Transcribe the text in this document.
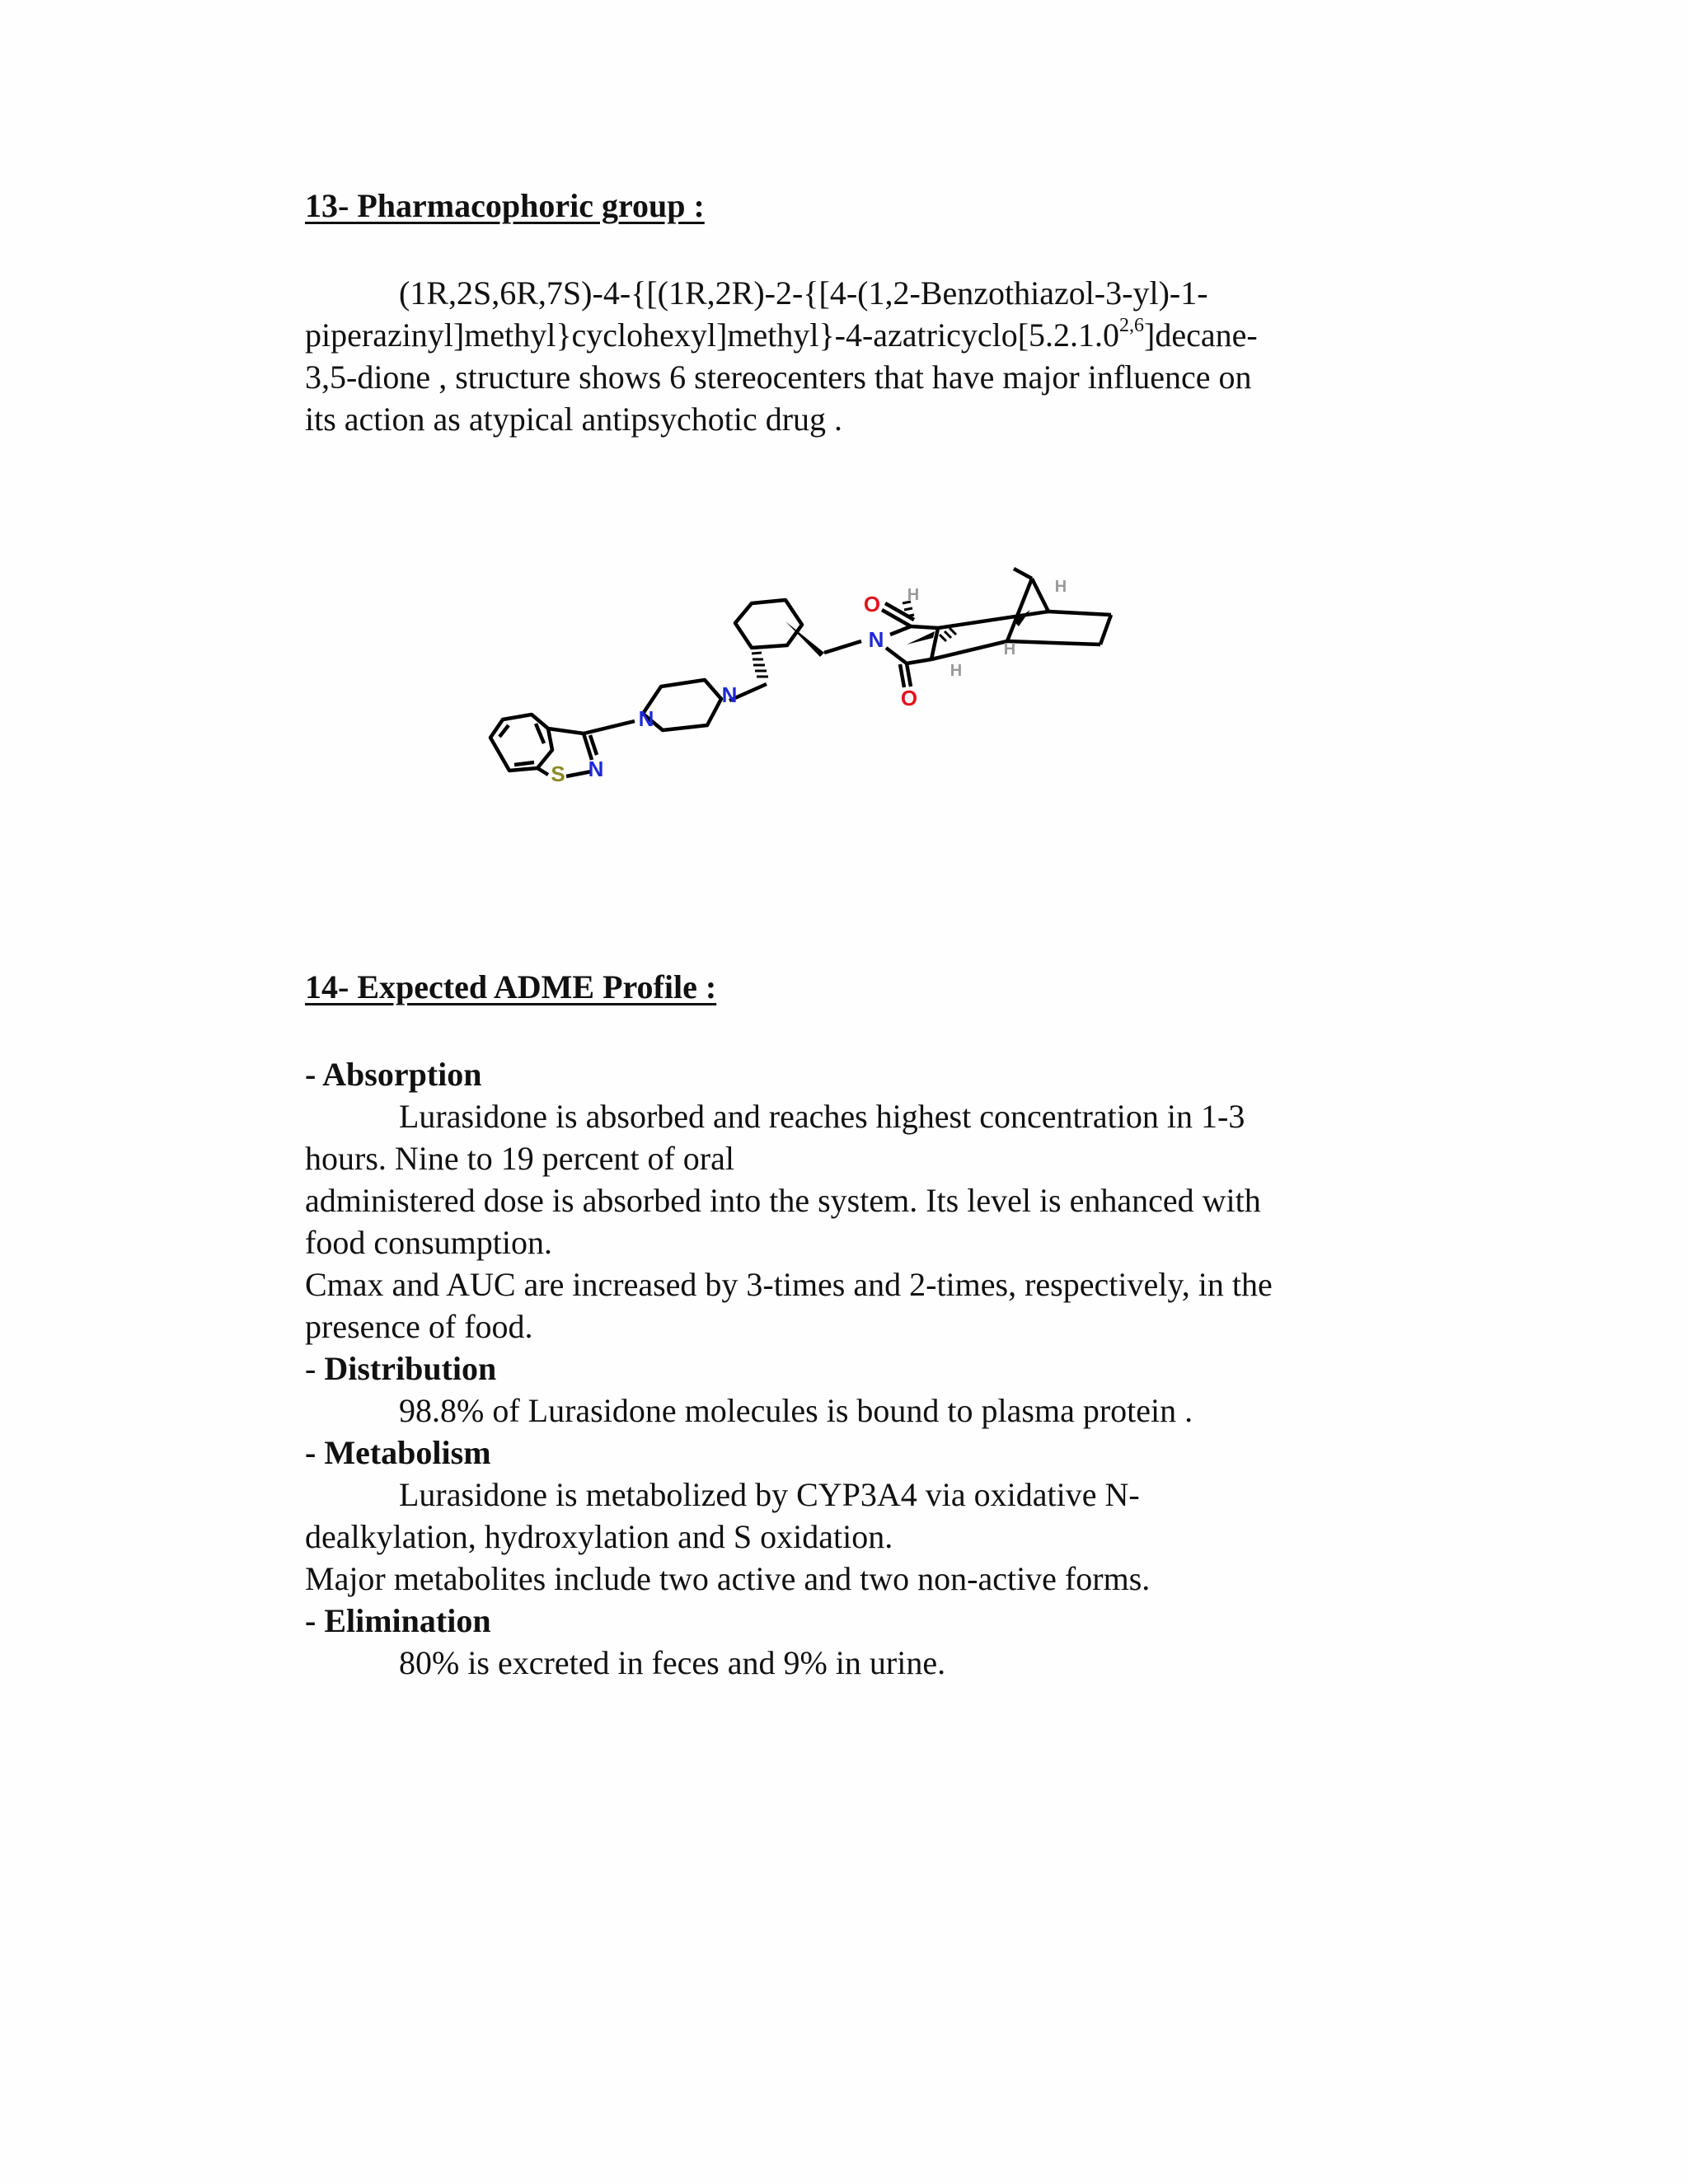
13- Pharmacophoric group :
(1R,2S,6R,7S)-4-{[(1R,2R)-2-{[4-(1,2-Benzothiazol-3-yl)-1-
piperazinyl]methyl}cyclohexyl]methyl}-4-azatricyclo[5.2.1.0$^{2,6}$]decane-
3,5-dione , structure shows 6 stereocenters that have major influence on
its action as atypical antipsychotic drug .
O
O
N
N
N
N
S
H
H
H
H
14- Expected ADME Profile :
- Absorption
Lurasidone is absorbed and reaches highest concentration in 1-3
hours. Nine to 19 percent of oral
administered dose is absorbed into the system. Its level is enhanced with
food consumption.
Cmax and AUC are increased by 3-times and 2-times, respectively, in the
presence of food.
- Distribution
98.8% of Lurasidone molecules is bound to plasma protein .
- Metabolism
Lurasidone is metabolized by CYP3A4 via oxidative N-
dealkylation, hydroxylation and S oxidation.
Major metabolites include two active and two non-active forms.
- Elimination
80% is excreted in feces and 9% in urine.
